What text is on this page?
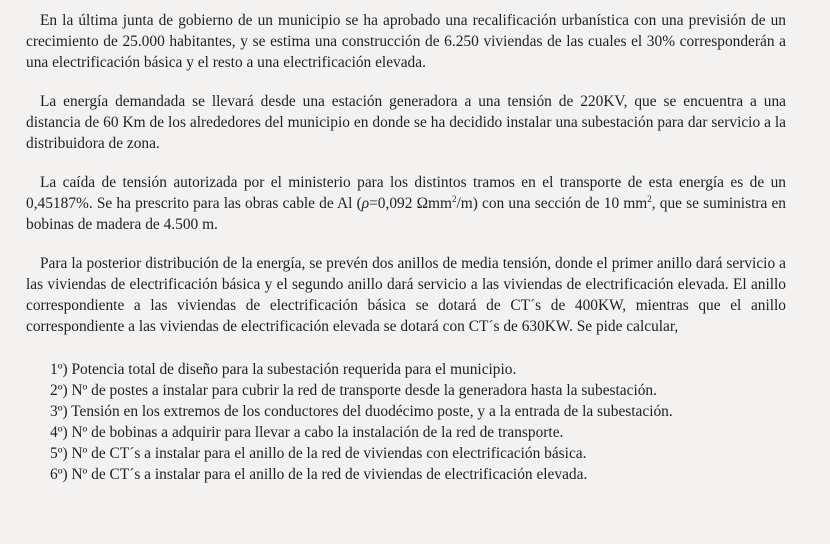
En la última junta de gobierno de un municipio se ha aprobado una recalificación urbanística con una previsión de un crecimiento de 25.000 habitantes, y se estima una construcción de 6.250 viviendas de las cuales el 30% corresponderán a una electrificación básica y el resto a una electrificación elevada.

La energía demandada se llevará desde una estación generadora a una tensión de 220KV, que se encuentra a una distancia de 60 Km de los alrededores del municipio en donde se ha decidido instalar una subestación para dar servicio a la distribuidora de zona.

La caída de tensión autorizada por el ministerio para los distintos tramos en el transporte de esta energía es de un 0,45187%. Se ha prescrito para las obras cable de Al (ρ=0,092 Ωmm$^2$/m) con una sección de 10 $mm^2$, que se suministra en bobinas de madera de 4.500 m.

Para la posterior distribución de la energía, se prevén dos anillos de media tensión, donde el primer anillo dará servicio a las viviendas de electrificación básica y el segundo anillo dará servicio a las viviendas de electrificación elevada. El anillo correspondiente a las viviendas de electrificación básica se dotará de CT´s de 400KW, mientras que el anillo correspondiente a las viviendas de electrificación elevada se dotará con CT´s de 630KW. Se pide calcular,

1º) Potencia total de diseño para la subestación requerida para el municipio.
2º) Nº de postes a instalar para cubrir la red de transporte desde la generadora hasta la subestación.
3º) Tensión en los extremos de los conductores del duodécimo poste, y a la entrada de la subestación.
4º) Nº de bobinas a adquirir para llevar a cabo la instalación de la red de transporte.
5º) Nº de CT´s a instalar para el anillo de la red de viviendas con electrificación básica.
6º) Nº de CT´s a instalar para el anillo de la red de viviendas de electrificación elevada.
